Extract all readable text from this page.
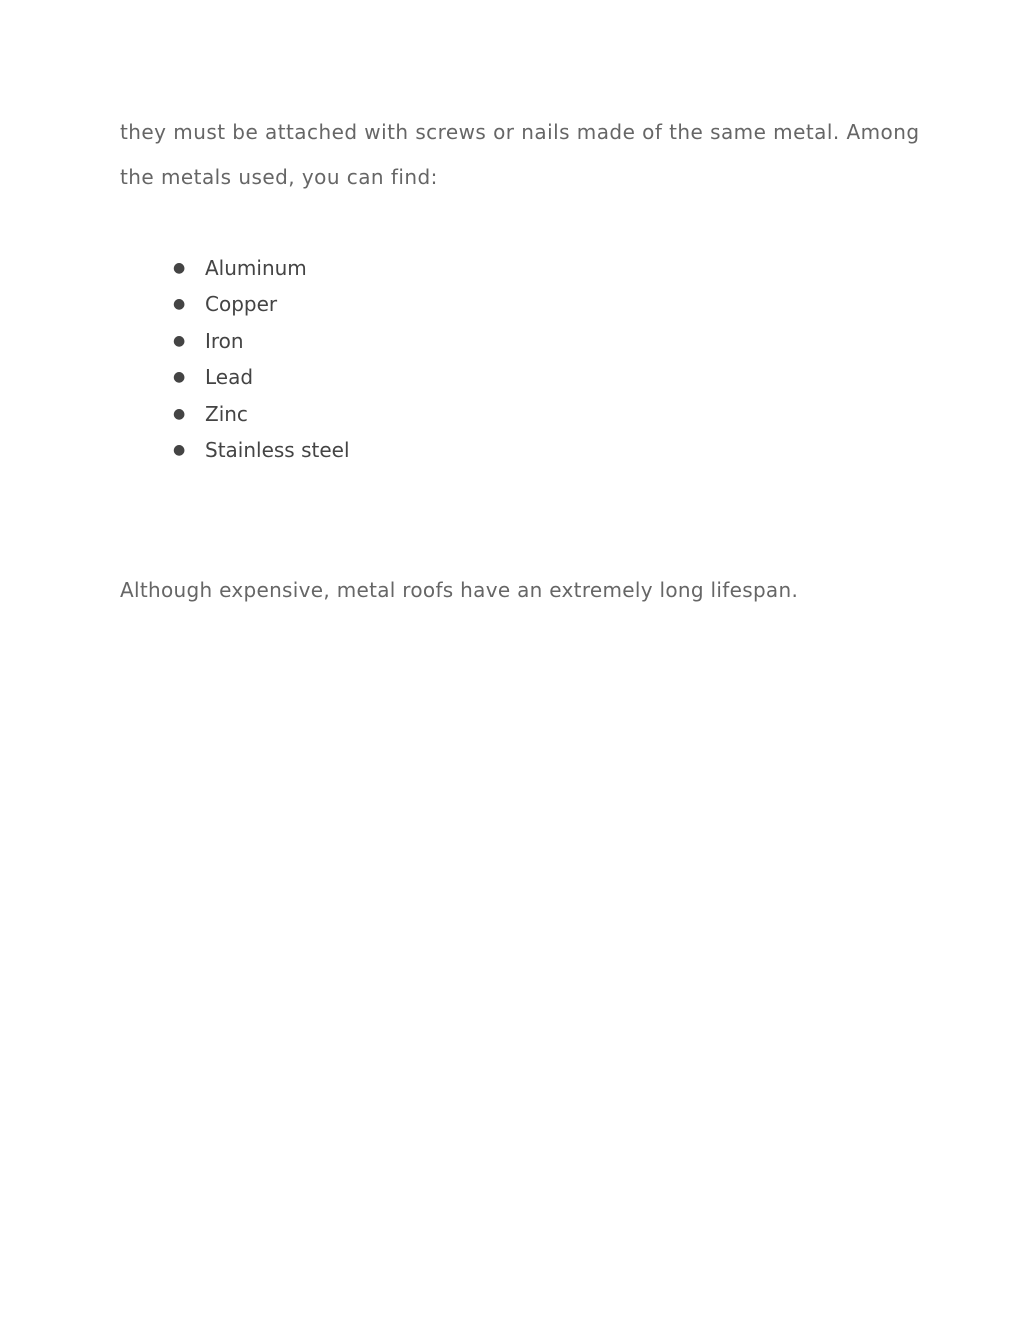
they must be attached with screws or nails made of the same metal. Among
the metals used, you can find:

● Aluminum
● Copper
● Iron
● Lead
● Zinc
● Stainless steel

Although expensive, metal roofs have an extremely long lifespan.
